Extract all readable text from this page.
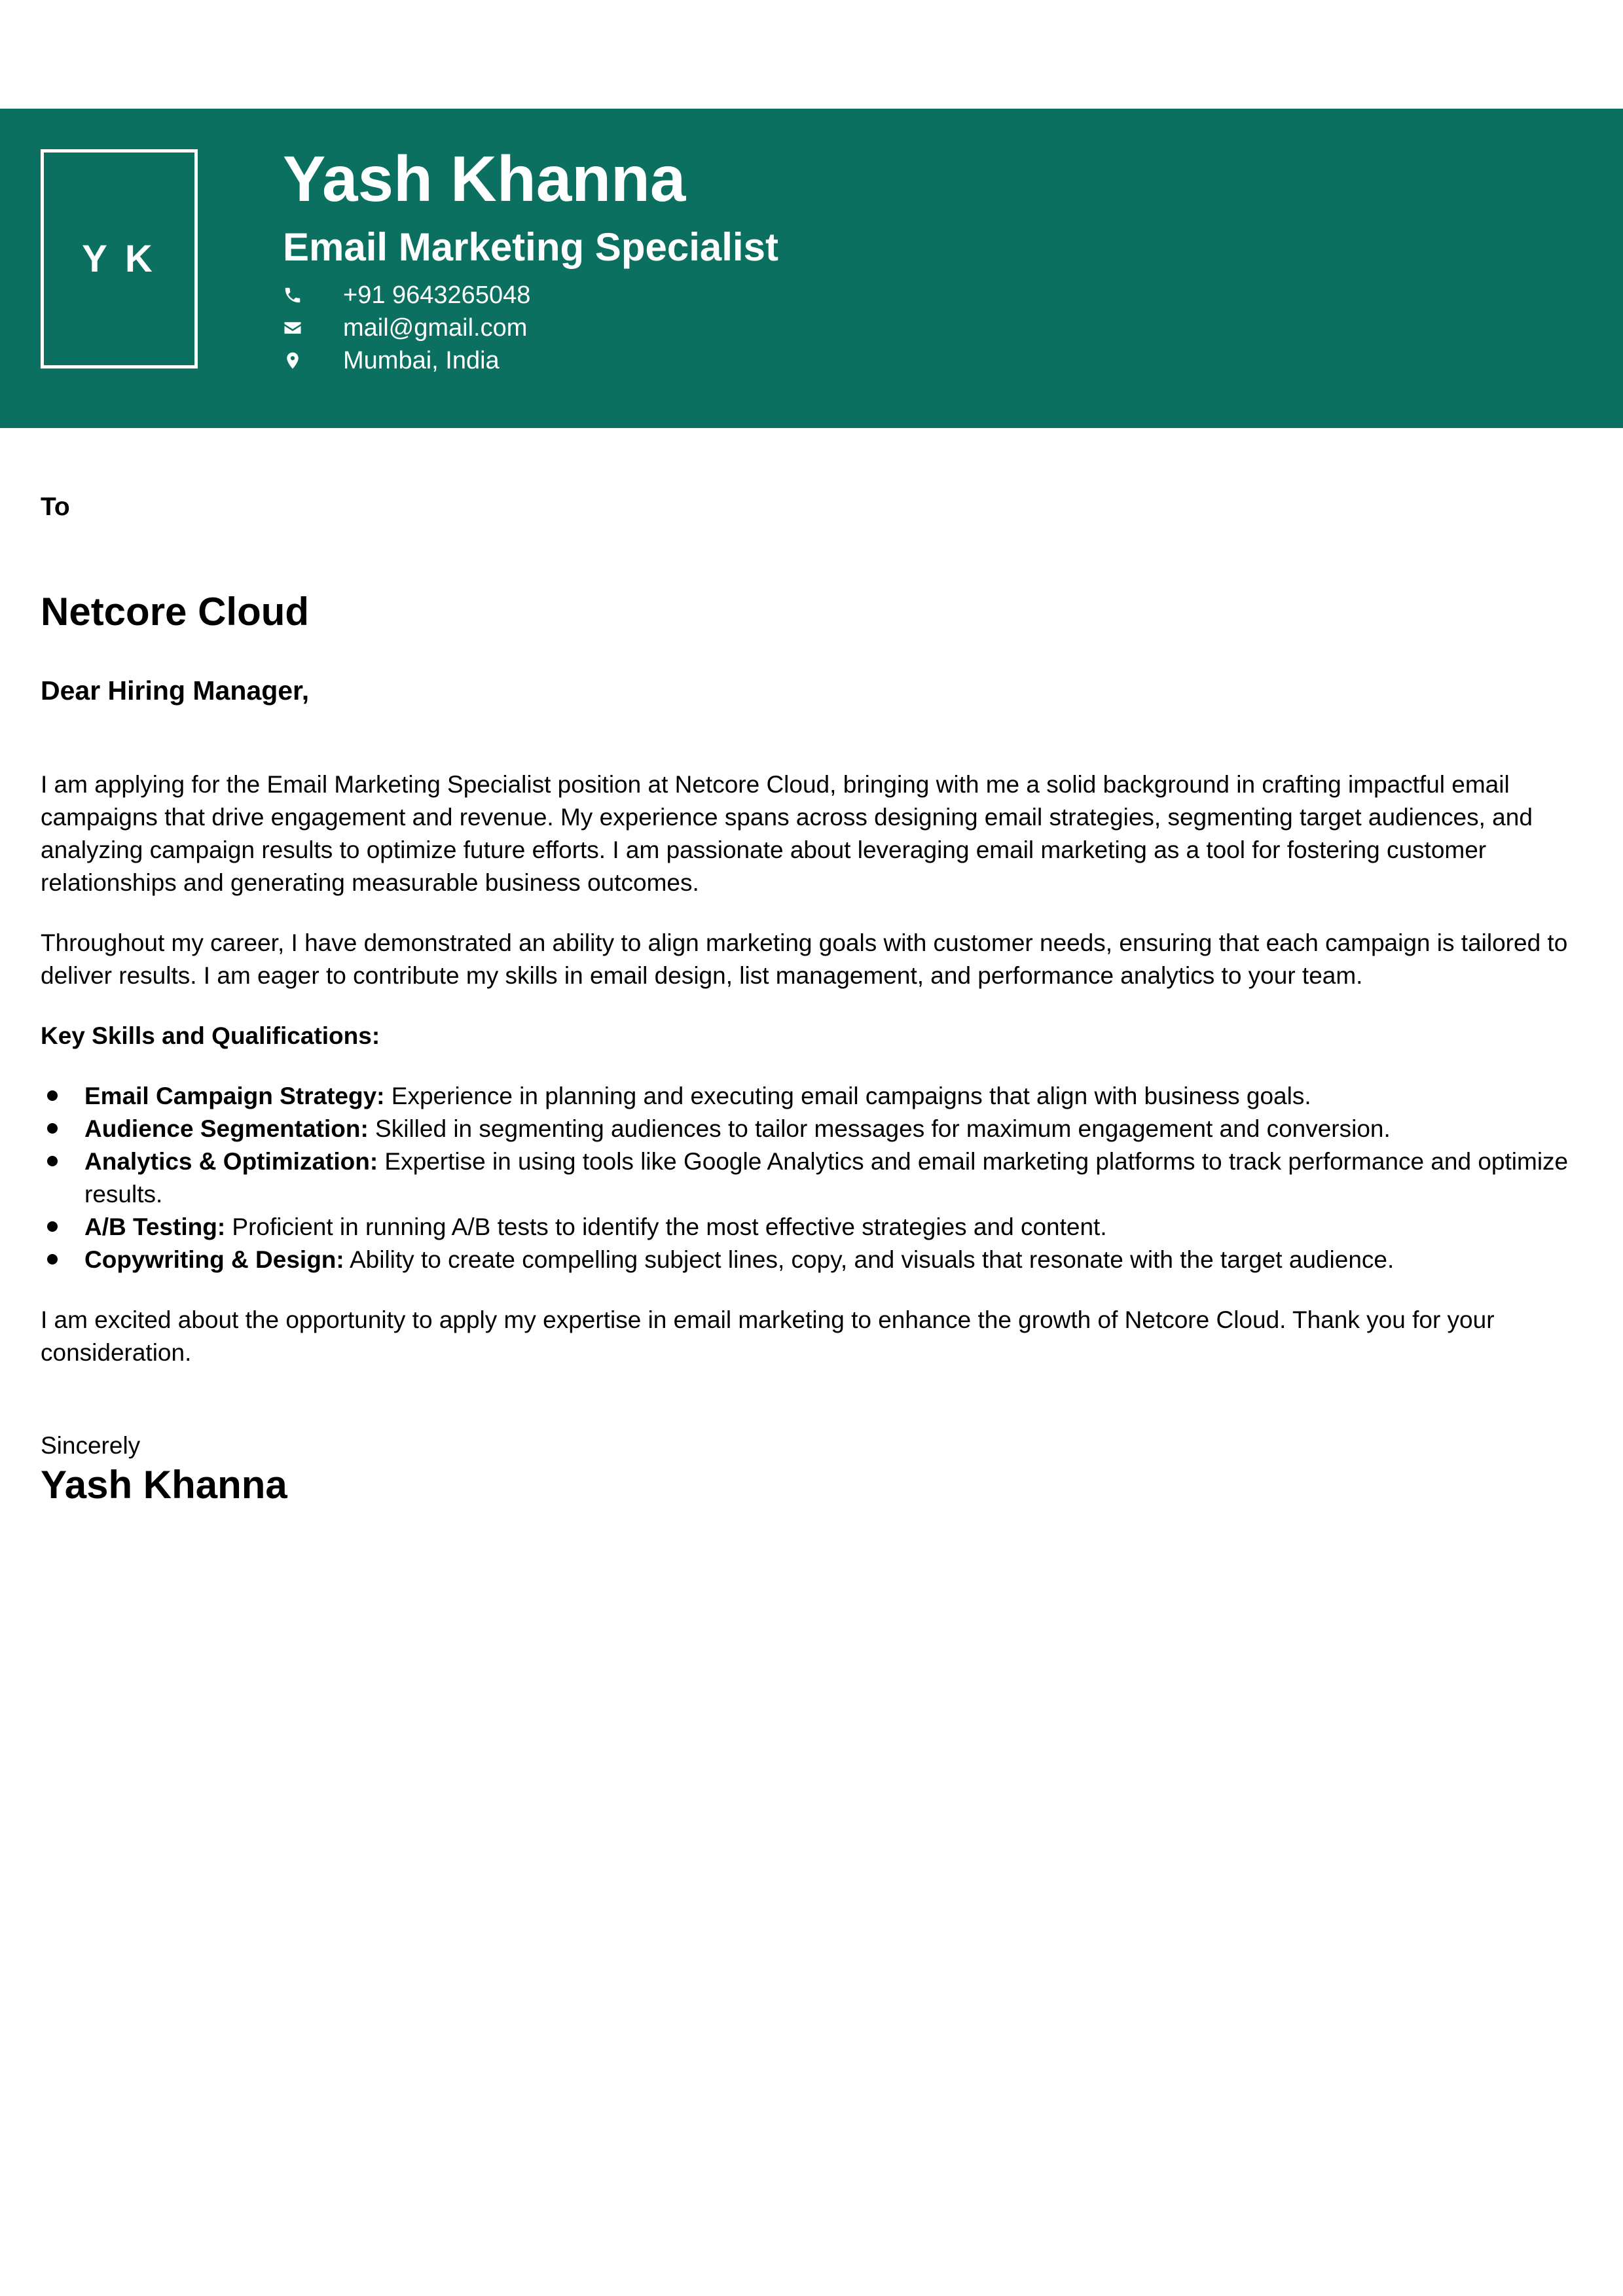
Y K
Yash Khanna
Email Marketing Specialist
+91 9643265048
mail@gmail.com
Mumbai, India

To

Netcore Cloud

Dear Hiring Manager,

I am applying for the Email Marketing Specialist position at Netcore Cloud, bringing with me a solid background in crafting impactful email campaigns that drive engagement and revenue. My experience spans across designing email strategies, segmenting target audiences, and analyzing campaign results to optimize future efforts. I am passionate about leveraging email marketing as a tool for fostering customer relationships and generating measurable business outcomes.

Throughout my career, I have demonstrated an ability to align marketing goals with customer needs, ensuring that each campaign is tailored to deliver results. I am eager to contribute my skills in email design, list management, and performance analytics to your team.

Key Skills and Qualifications:
Email Campaign Strategy: Experience in planning and executing email campaigns that align with business goals.
Audience Segmentation: Skilled in segmenting audiences to tailor messages for maximum engagement and conversion.
Analytics & Optimization: Expertise in using tools like Google Analytics and email marketing platforms to track performance and optimize results.
A/B Testing: Proficient in running A/B tests to identify the most effective strategies and content.
Copywriting & Design: Ability to create compelling subject lines, copy, and visuals that resonate with the target audience.

I am excited about the opportunity to apply my expertise in email marketing to enhance the growth of Netcore Cloud. Thank you for your consideration.

Sincerely
Yash Khanna
